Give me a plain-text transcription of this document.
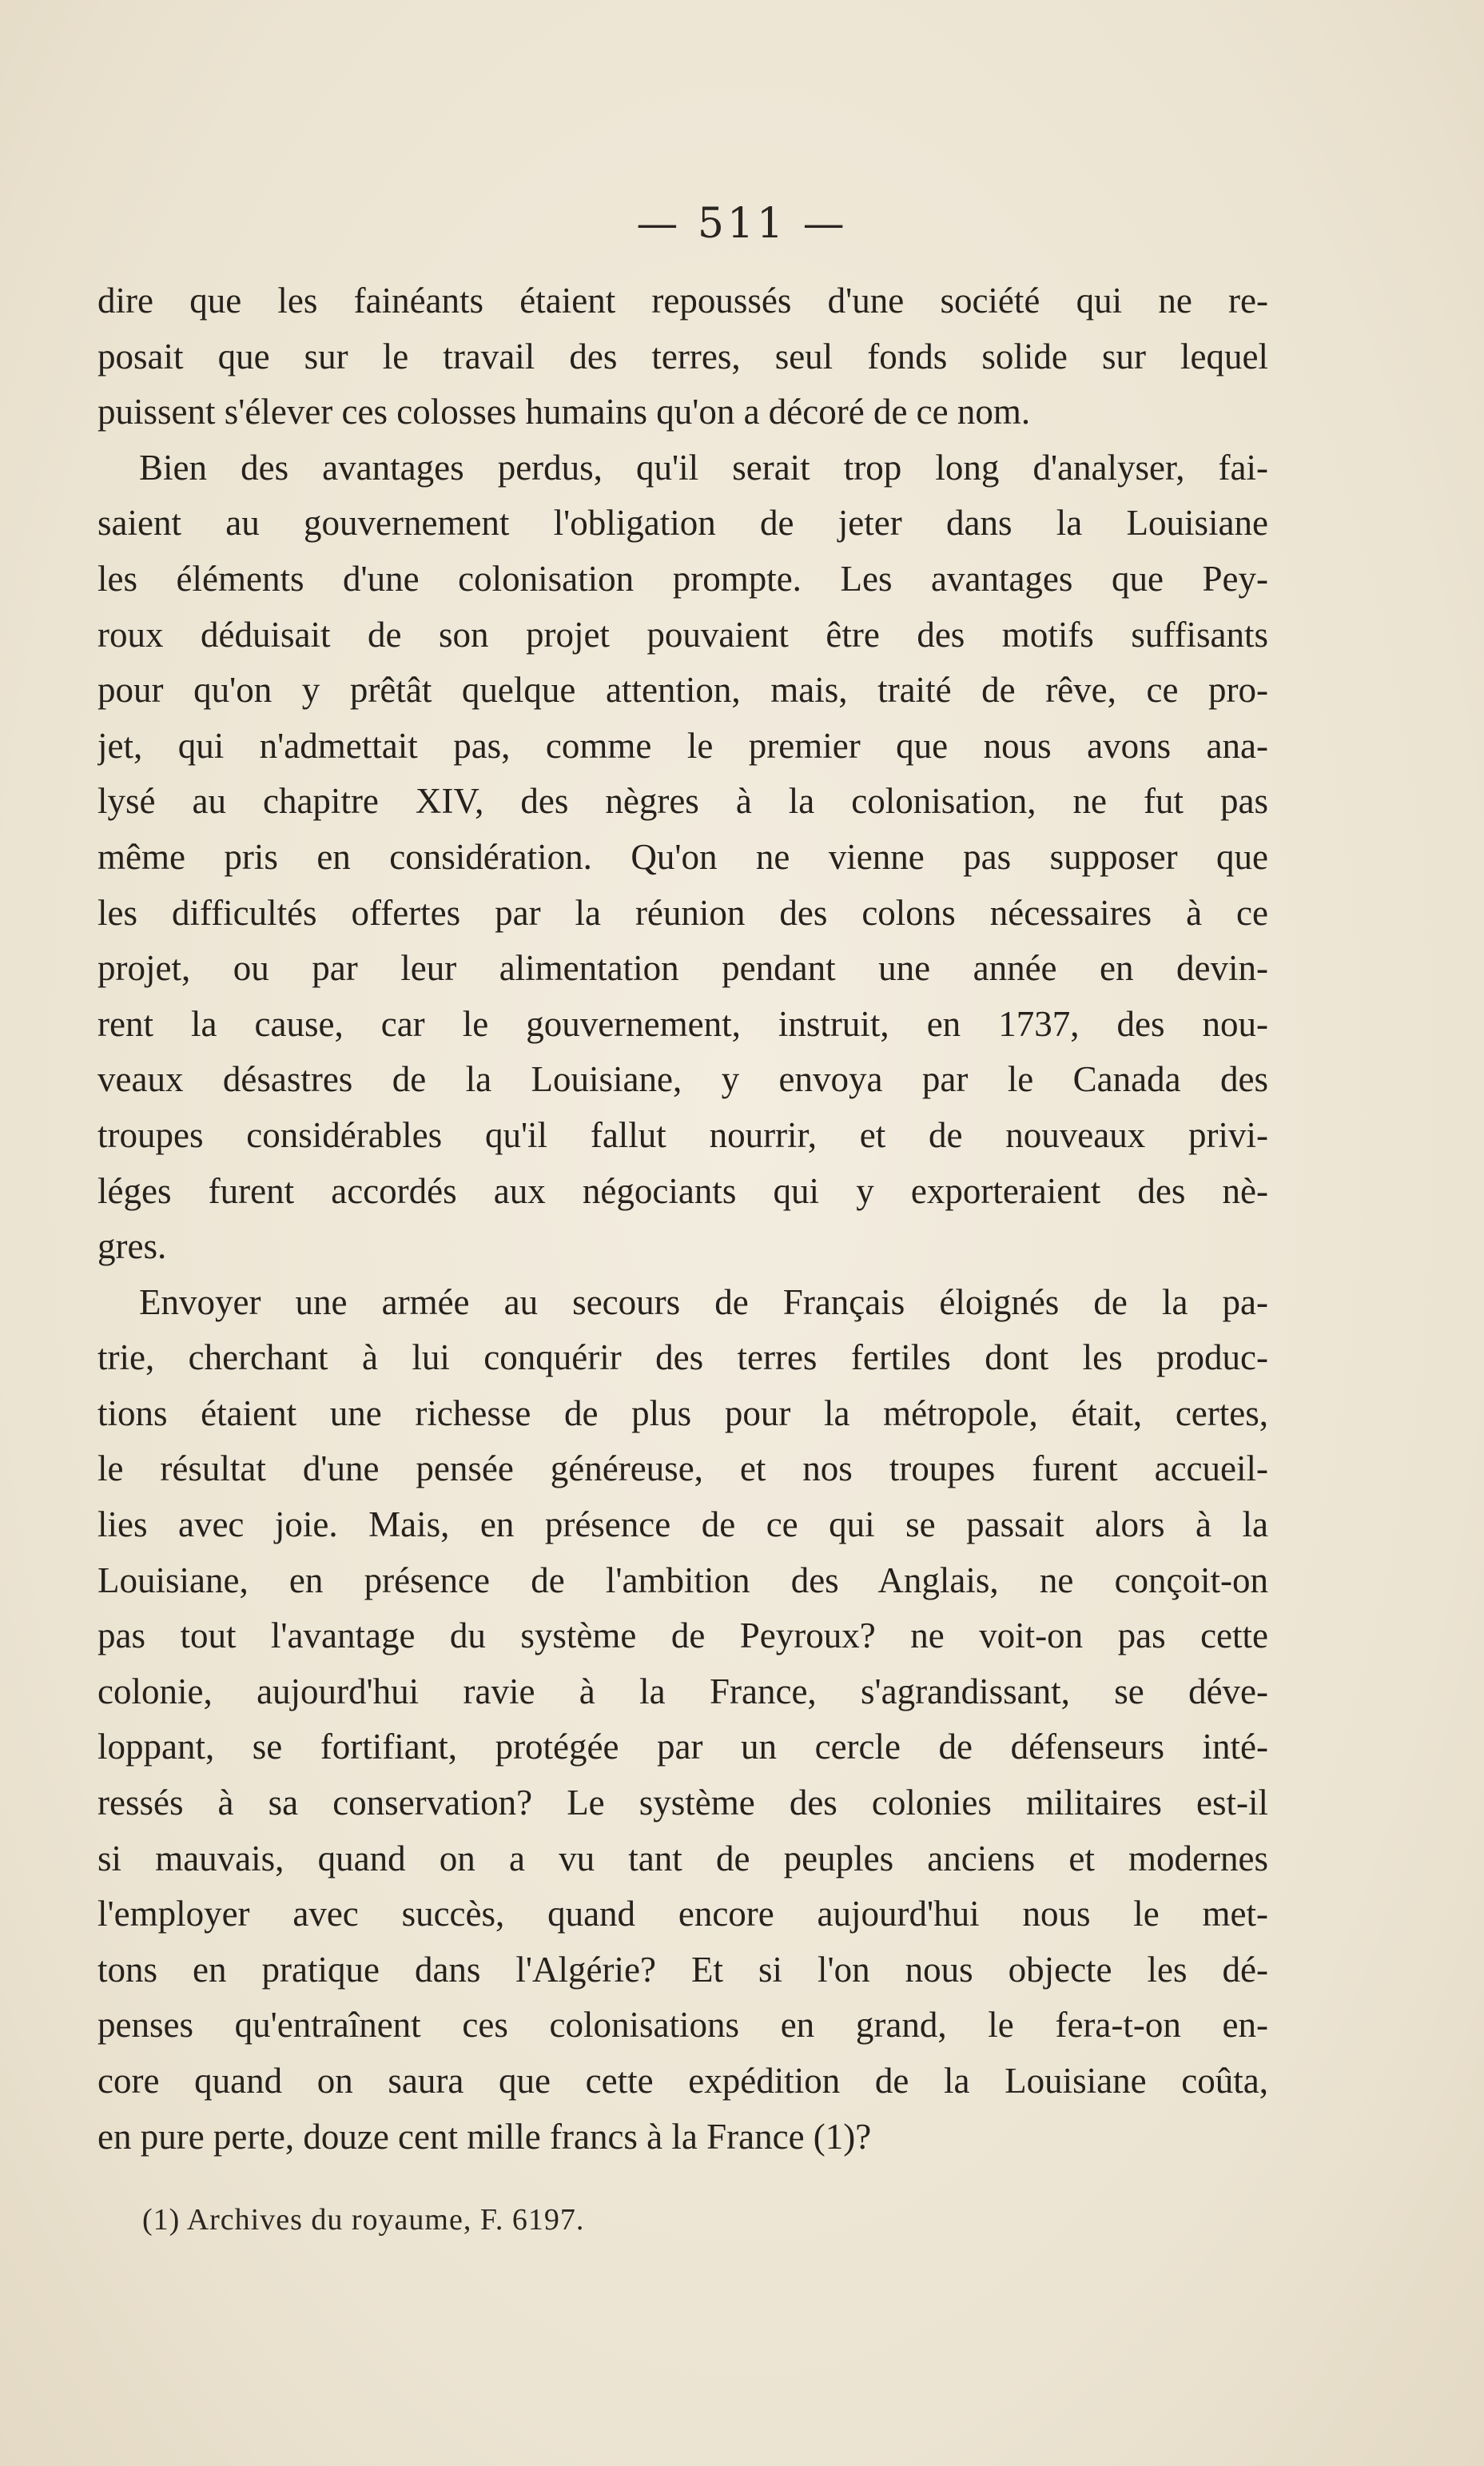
— 511 —
dire que les fainéants étaient repoussés d'une société qui ne re-
posait que sur le travail des terres, seul fonds solide sur lequel
puissent s'élever ces colosses humains qu'on a décoré de ce nom.
Bien des avantages perdus, qu'il serait trop long d'analyser, fai-
saient au gouvernement l'obligation de jeter dans la Louisiane
les éléments d'une colonisation prompte. Les avantages que Pey-
roux déduisait de son projet pouvaient être des motifs suffisants
pour qu'on y prêtât quelque attention, mais, traité de rêve, ce pro-
jet, qui n'admettait pas, comme le premier que nous avons ana-
lysé au chapitre XIV, des nègres à la colonisation, ne fut pas
même pris en considération. Qu'on ne vienne pas supposer que
les difficultés offertes par la réunion des colons nécessaires à ce
projet, ou par leur alimentation pendant une année en devin-
rent la cause, car le gouvernement, instruit, en 1737, des nou-
veaux désastres de la Louisiane, y envoya par le Canada des
troupes considérables qu'il fallut nourrir, et de nouveaux privi-
léges furent accordés aux négociants qui y exporteraient des nè-
gres.
Envoyer une armée au secours de Français éloignés de la pa-
trie, cherchant à lui conquérir des terres fertiles dont les produc-
tions étaient une richesse de plus pour la métropole, était, certes,
le résultat d'une pensée généreuse, et nos troupes furent accueil-
lies avec joie. Mais, en présence de ce qui se passait alors à la
Louisiane, en présence de l'ambition des Anglais, ne conçoit-on
pas tout l'avantage du système de Peyroux? ne voit-on pas cette
colonie, aujourd'hui ravie à la France, s'agrandissant, se déve-
loppant, se fortifiant, protégée par un cercle de défenseurs inté-
ressés à sa conservation? Le système des colonies militaires est-il
si mauvais, quand on a vu tant de peuples anciens et modernes
l'employer avec succès, quand encore aujourd'hui nous le met-
tons en pratique dans l'Algérie? Et si l'on nous objecte les dé-
penses qu'entraînent ces colonisations en grand, le fera-t-on en-
core quand on saura que cette expédition de la Louisiane coûta,
en pure perte, douze cent mille francs à la France (1)?
(1) Archives du royaume, F. 6197.
